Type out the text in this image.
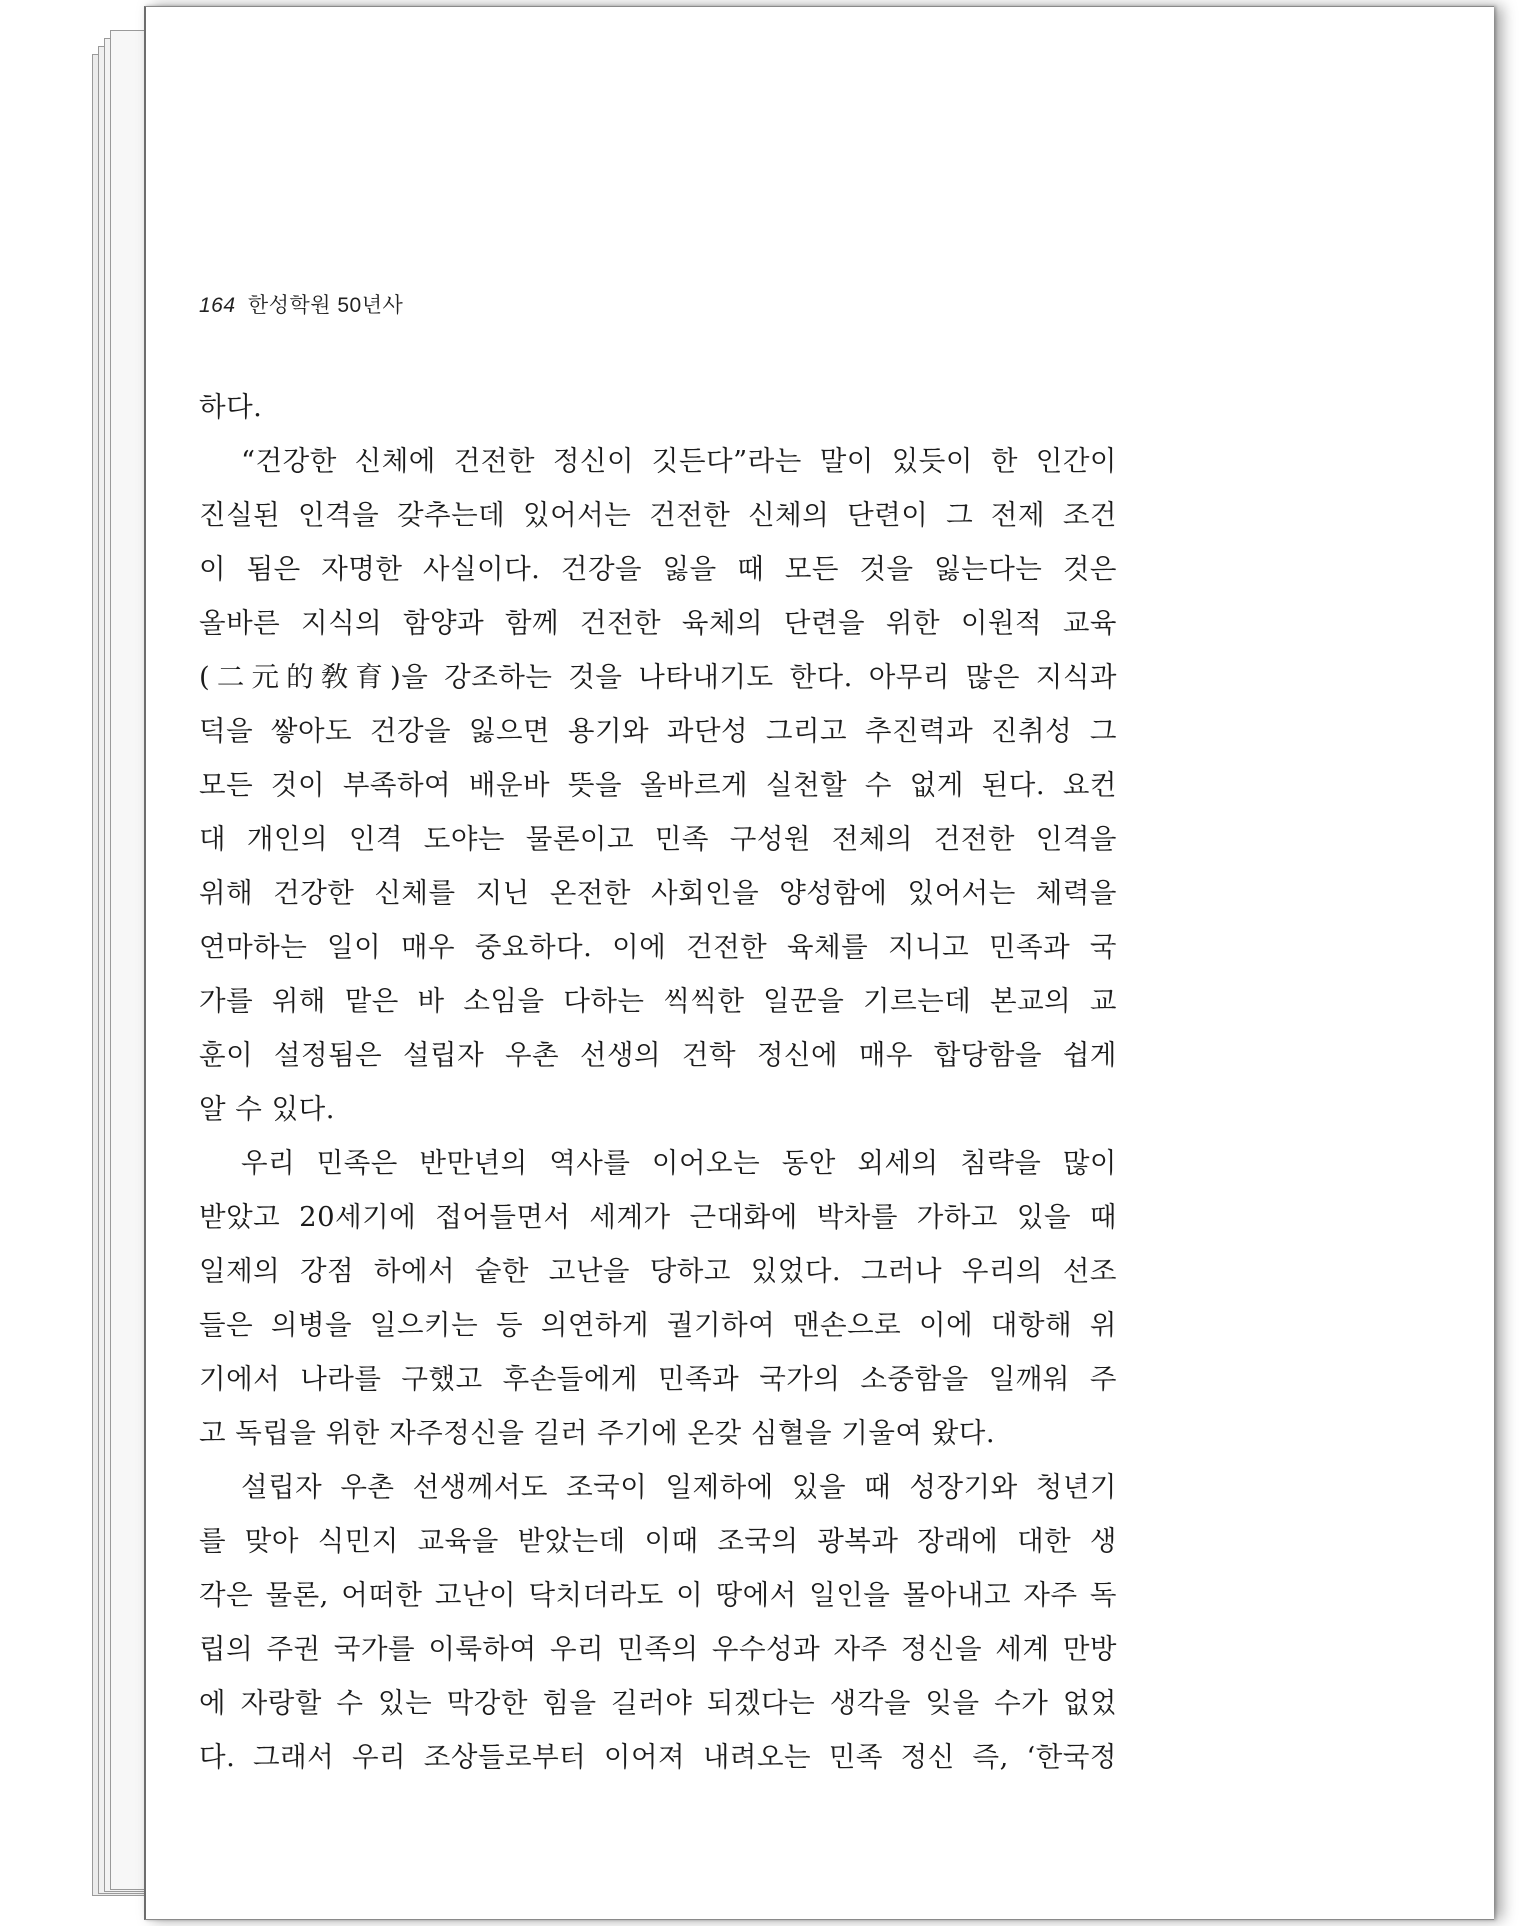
164 한성학원 50년사
하다.
“건강한 신체에 건전한 정신이 깃든다”라는 말이 있듯이 한 인간이
진실된 인격을 갖추는데 있어서는 건전한 신체의 단련이 그 전제 조건
이 됨은 자명한 사실이다. 건강을 잃을 때 모든 것을 잃는다는 것은
올바른 지식의 함양과 함께 건전한 육체의 단련을 위한 이원적 교육
(二元的敎育)을 강조하는 것을 나타내기도 한다. 아무리 많은 지식과
덕을 쌓아도 건강을 잃으면 용기와 과단성 그리고 추진력과 진취성 그
모든 것이 부족하여 배운바 뜻을 올바르게 실천할 수 없게 된다. 요컨
대 개인의 인격 도야는 물론이고 민족 구성원 전체의 건전한 인격을
위해 건강한 신체를 지닌 온전한 사회인을 양성함에 있어서는 체력을
연마하는 일이 매우 중요하다. 이에 건전한 육체를 지니고 민족과 국
가를 위해 맡은 바 소임을 다하는 씩씩한 일꾼을 기르는데 본교의 교
훈이 설정됨은 설립자 우촌 선생의 건학 정신에 매우 합당함을 쉽게
알 수 있다.
우리 민족은 반만년의 역사를 이어오는 동안 외세의 침략을 많이
받았고 20세기에 접어들면서 세계가 근대화에 박차를 가하고 있을 때
일제의 강점 하에서 숱한 고난을 당하고 있었다. 그러나 우리의 선조
들은 의병을 일으키는 등 의연하게 궐기하여 맨손으로 이에 대항해 위
기에서 나라를 구했고 후손들에게 민족과 국가의 소중함을 일깨워 주
고 독립을 위한 자주정신을 길러 주기에 온갖 심혈을 기울여 왔다.
설립자 우촌 선생께서도 조국이 일제하에 있을 때 성장기와 청년기
를 맞아 식민지 교육을 받았는데 이때 조국의 광복과 장래에 대한 생
각은 물론, 어떠한 고난이 닥치더라도 이 땅에서 일인을 몰아내고 자주 독
립의 주권 국가를 이룩하여 우리 민족의 우수성과 자주 정신을 세계 만방
에 자랑할 수 있는 막강한 힘을 길러야 되겠다는 생각을 잊을 수가 없었
다. 그래서 우리 조상들로부터 이어져 내려오는 민족 정신 즉, ‘한국정
